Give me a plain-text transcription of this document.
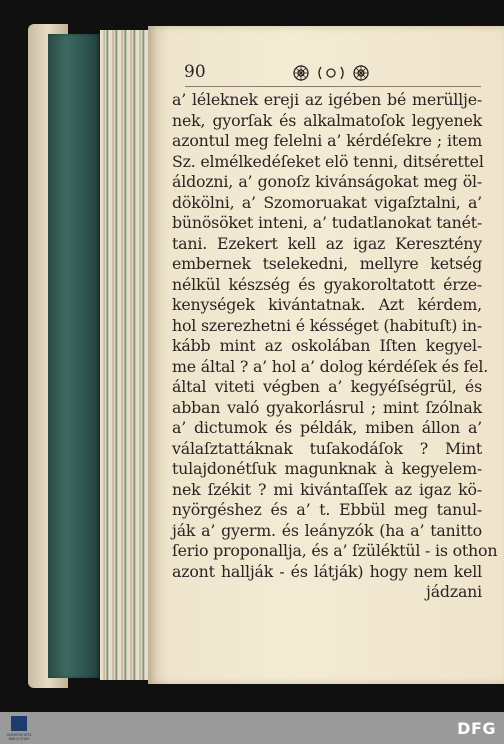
90
a’ léleknek ereji az igében bé merüllje-
nek, gyorſak és alkalmatoſok legyenek
azontul meg felelni a’ kérdéſekre ; item
Sz. elmélkedéſeket elö tenni, ditsérettel
áldozni, a’ gonoſz kivánságokat meg öl-
dökölni, a’ Szomoruakat vigaſztalni, a’
bünösöket inteni, a’ tudatlanokat tanét-
tani. Ezekert kell az igaz Keresztény
embernek tselekedni, mellyre ketség
nélkül készség és gyakoroltatott érze-
kenységek kivántatnak. Azt kérdem,
hol szerezhetni é késséget (habituſt) in-
kább mint az oskolában Iſten kegyel-
me által ? a’ hol a’ dolog kérdéſek és fel.
által viteti végben a’ kegyéſségrül, és
abban való gyakorlásrul ; mint ſzólnak
a’ dictumok és példák, miben állon a’
válaſztattáknak tuſakodáſok ? Mint
tulajdonétſuk magunknak à kegyelem-
nek ſzékit ? mi kivántaſſek az igaz kö-
nyörgéshez és a’ t. Ebbül meg tanul-
ják a’ gyerm. és leányzók (ha a’ tanitto
ſerio proponallja, és a’ ſzüléktül - is othon
azont hallják - és látják) hogy nem kell
jádzani
UNIVERSITÄTS BIBLIOTHEK
DFG
